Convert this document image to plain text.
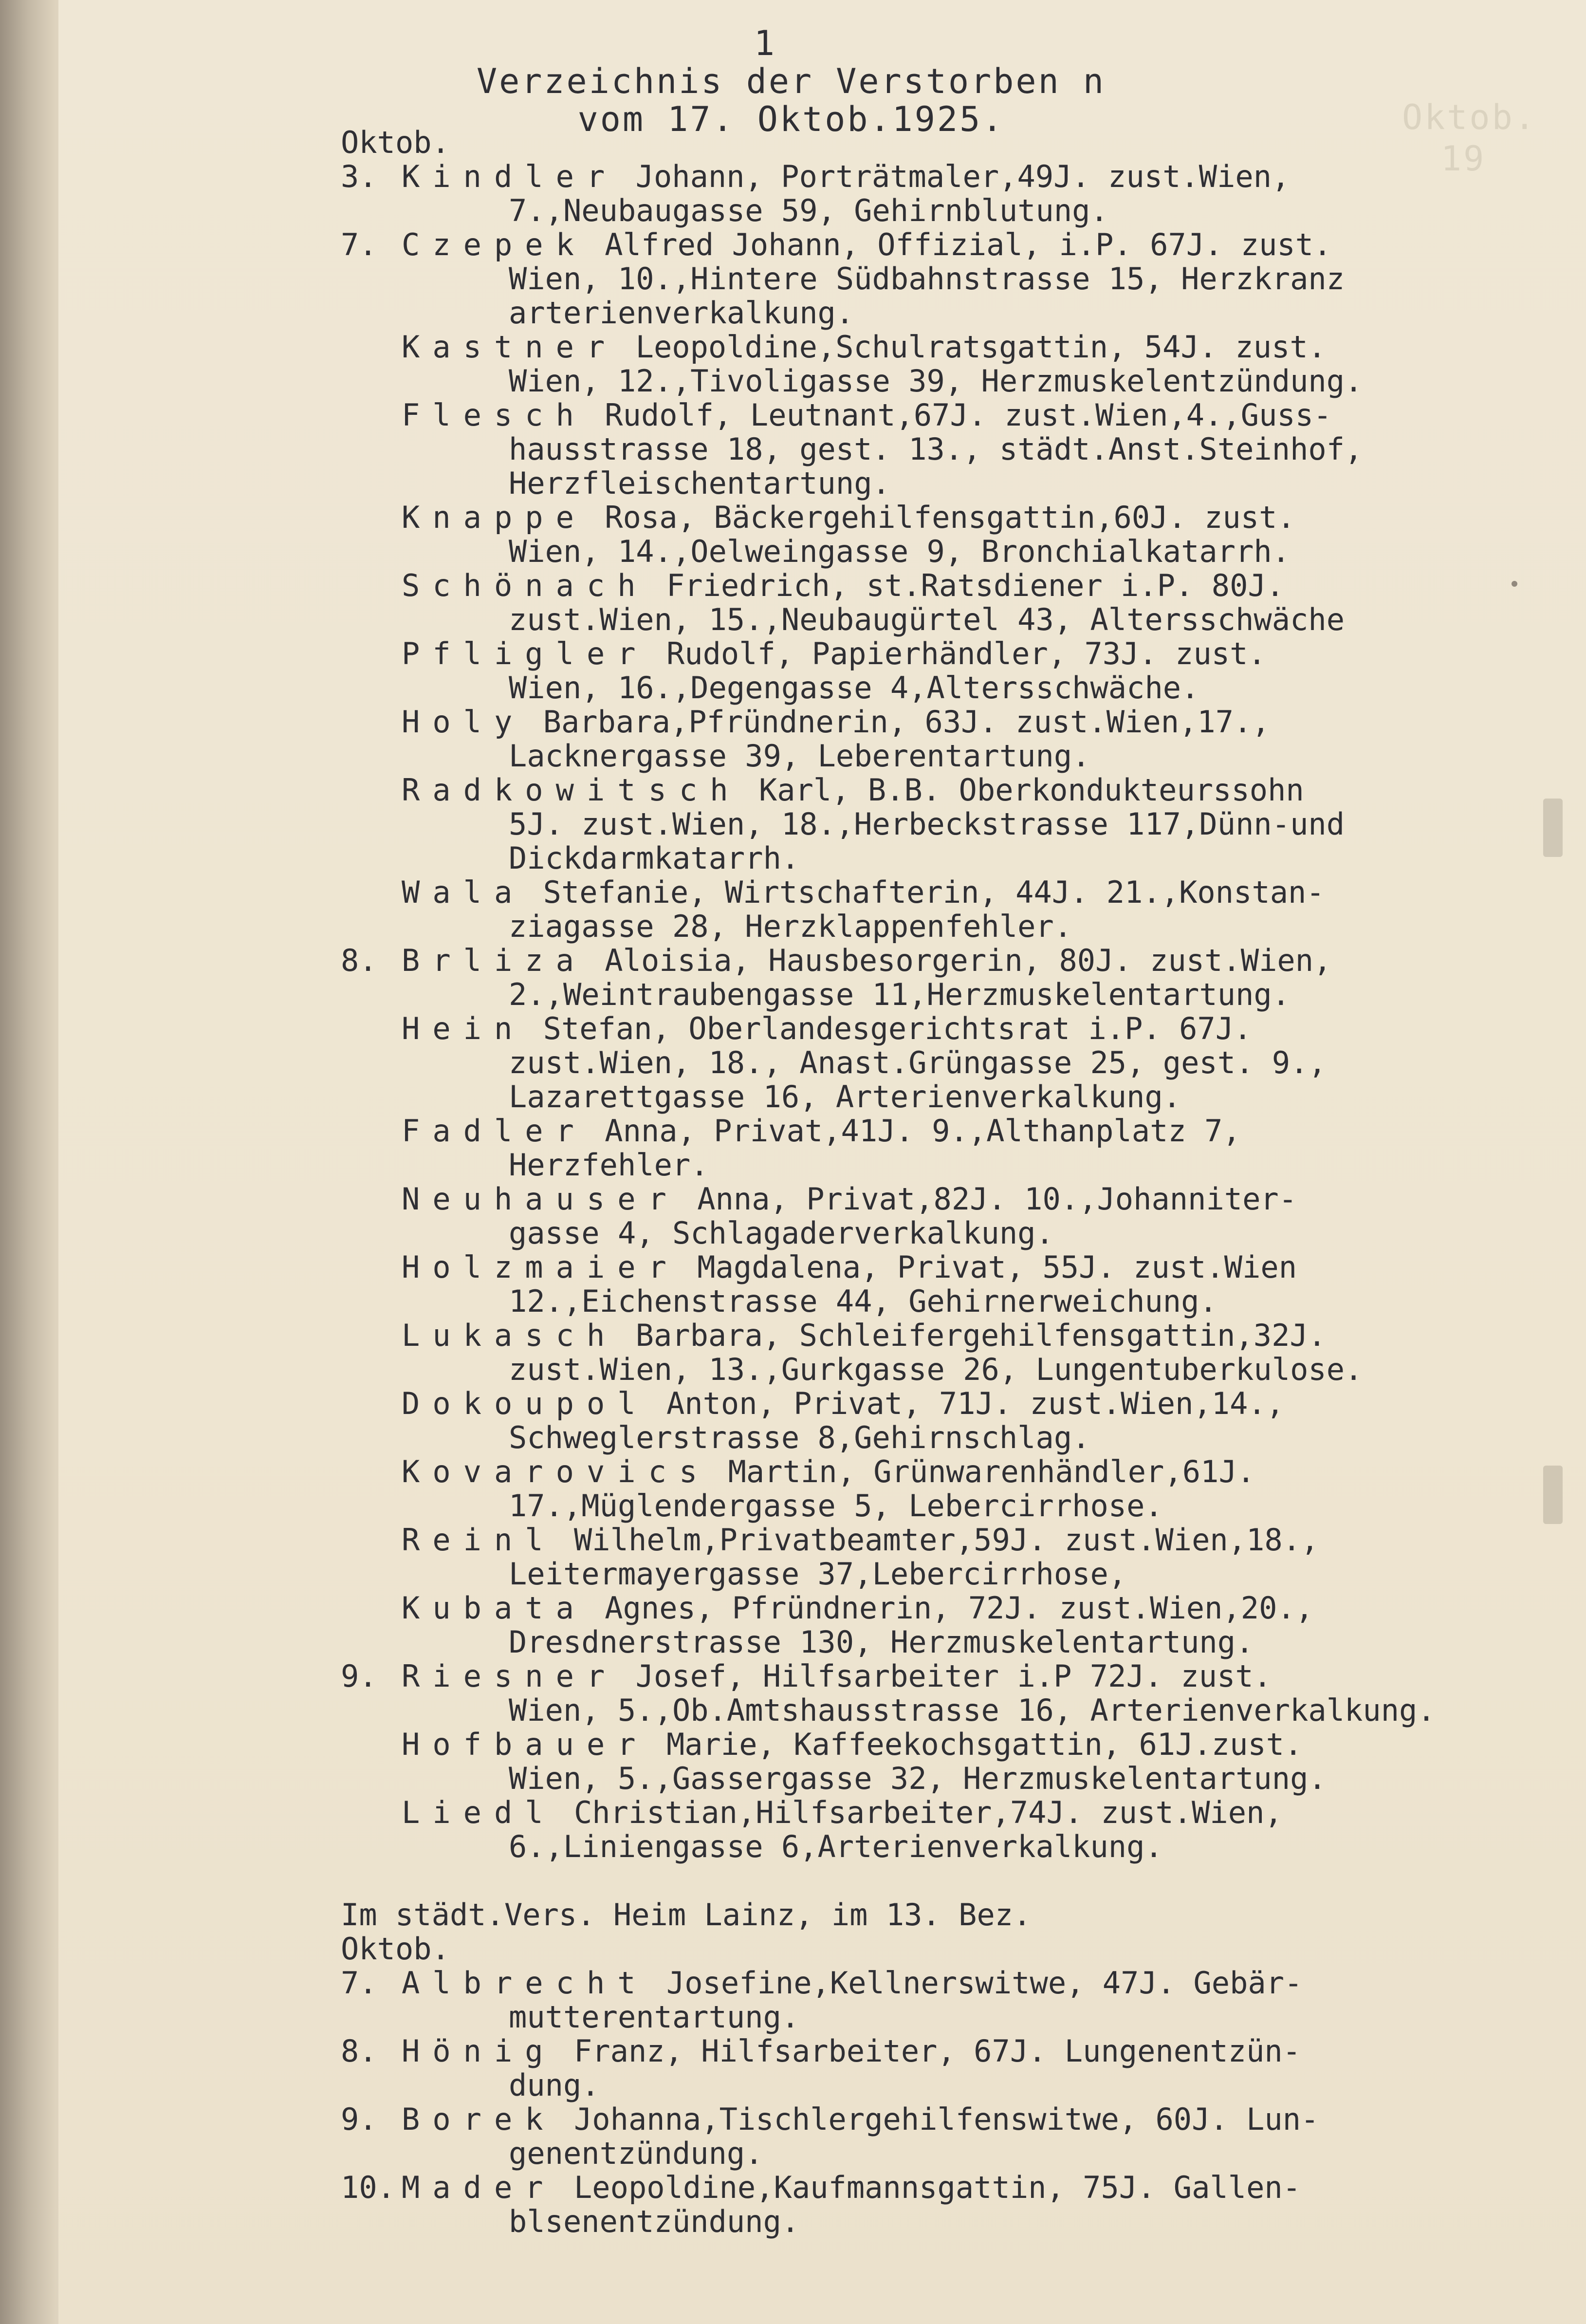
Oktob.
19
1
Verzeichnis der Verstorben n
vom 17. Oktob.1925.
Oktob.
3. Kindler Johann, Porträtmaler,49J. zust.Wien,
7.,Neubaugasse 59, Gehirnblutung.
7. Czepek Alfred Johann, Offizial, i.P. 67J. zust.
Wien, 10.,Hintere Südbahnstrasse 15, Herzkranz arterienverkalkung.
Kastner Leopoldine,Schulratsgattin, 54J. zust.
Wien, 12.,Tivoligasse 39, Herzmuskelentzündung.
Flesch Rudolf, Leutnant,67J. zust.Wien,4.,Guss-
hausstrasse 18, gest. 13., städt.Anst.Steinhof, Herzfleischentartung.
Knappe Rosa, Bäckergehilfensgattin,60J. zust.
Wien, 14.,Oelweingasse 9, Bronchialkatarrh.
Schönach Friedrich, st.Ratsdiener i.P. 80J.
zust.Wien, 15.,Neubaugürtel 43, Altersschwäche
Pfligler Rudolf, Papierhändler, 73J. zust.
Wien, 16.,Degengasse 4,Altersschwäche.
Holy Barbara,Pfründnerin, 63J. zust.Wien,17.,
Lacknergasse 39, Leberentartung.
Radkowitsch Karl, B.B. Oberkondukteurssohn
5J. zust.Wien, 18.,Herbeckstrasse 117,Dünn-und Dickdarmkatarrh.
Wala Stefanie, Wirtschafterin, 44J. 21.,Konstan-
ziagasse 28, Herzklappenfehler.
8. Brliza Aloisia, Hausbesorgerin, 80J. zust.Wien,
2.,Weintraubengasse 11,Herzmuskelentartung.
Hein Stefan, Oberlandesgerichtsrat i.P. 67J.
zust.Wien, 18., Anast.Grüngasse 25, gest. 9., Lazarettgasse 16, Arterienverkalkung.
Fadler Anna, Privat,41J. 9.,Althanplatz 7,
Herzfehler.
Neuhauser Anna, Privat,82J. 10.,Johanniter-
gasse 4, Schlagaderverkalkung.
Holzmaier Magdalena, Privat, 55J. zust.Wien
12.,Eichenstrasse 44, Gehirnerweichung.
Lukasch Barbara, Schleifergehilfensgattin,32J.
zust.Wien, 13.,Gurkgasse 26, Lungentuberkulose.
Dokoupol Anton, Privat, 71J. zust.Wien,14.,
Schweglerstrasse 8,Gehirnschlag.
Kovarovics Martin, Grünwarenhändler,61J.
17.,Müglendergasse 5, Lebercirrhose.
Reinl Wilhelm,Privatbeamter,59J. zust.Wien,18.,
Leitermayergasse 37,Lebercirrhose,
Kubata Agnes, Pfründnerin, 72J. zust.Wien,20.,
Dresdnerstrasse 130, Herzmuskelentartung.
9. Riesner Josef, Hilfsarbeiter i.P 72J. zust.
Wien, 5.,Ob.Amtshausstrasse 16, Arterienverkalkung.
Hofbauer Marie, Kaffeekochsgattin, 61J.zust.
Wien, 5.,Gassergasse 32, Herzmuskelentartung.
Liedl Christian,Hilfsarbeiter,74J. zust.Wien,
6.,Liniengasse 6,Arterienverkalkung.
Im städt.Vers. Heim Lainz, im 13. Bez.
Oktob.
7. Albrecht Josefine,Kellnerswitwe, 47J. Gebär-
mutterentartung.
8. Hönig Franz, Hilfsarbeiter, 67J. Lungenentzün-
dung.
9. Borek Johanna,Tischlergehilfenswitwe, 60J. Lun-
genentzündung.
10. Mader Leopoldine,Kaufmannsgattin, 75J. Gallen-
blsenentzündung.
